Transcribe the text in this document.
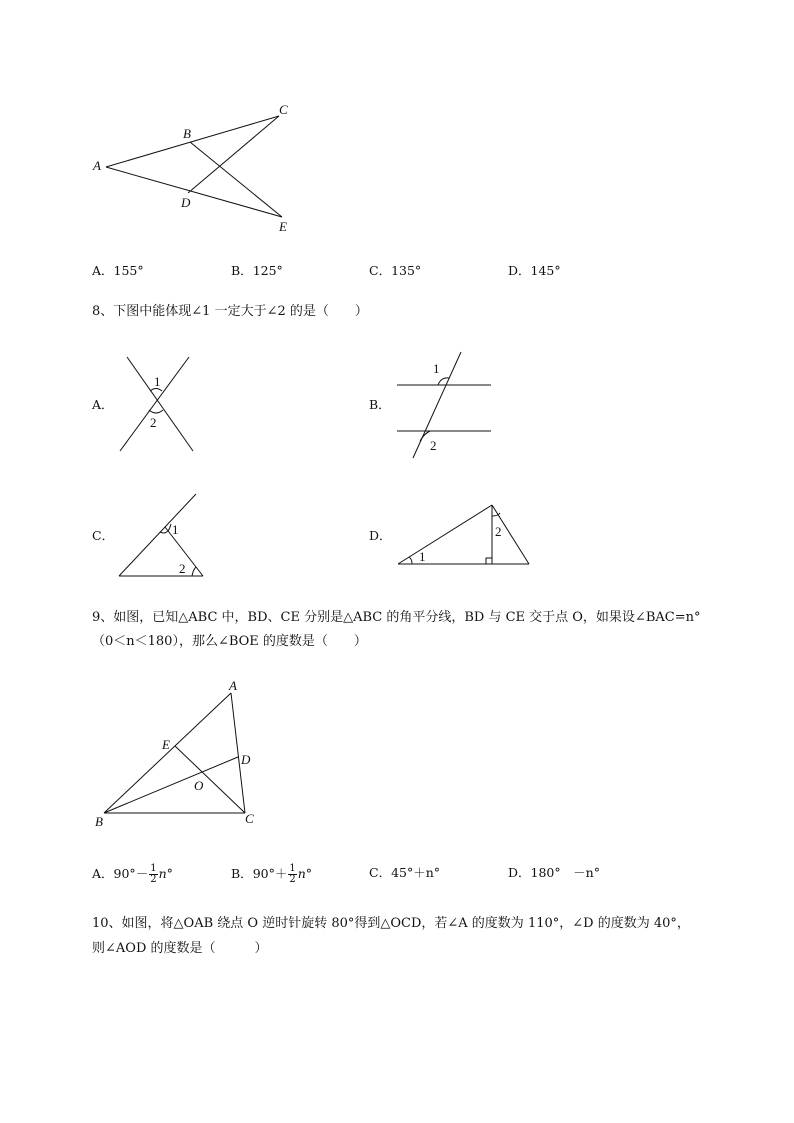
A
B
C
D
E
A．155°	B．125°	C．135°	D．145°
8、下图中能体现∠1 一定大于∠2 的是（　　）
A．	B．
C．	D．
1
2
1
2
1
2
1
2
9、如图，已知△ABC 中，BD、CE 分别是△ABC 的角平分线，BD 与 CE 交于点 O，如果设∠BAC=n°
（0＜n＜180），那么∠BOE 的度数是（　　）
A
B	C
D
E
O
A．$90^\circ- \frac{1}{2} n^\circ$	B．$90^\circ+ \frac{1}{2} n^\circ$	C．45°＋n°	D．180°　－n°
10、如图，将△OAB 绕点 O 逆时针旋转 80°得到△OCD，若∠A 的度数为 110°，∠D 的度数为 40°，
则∠AOD 的度数是（　　　）
